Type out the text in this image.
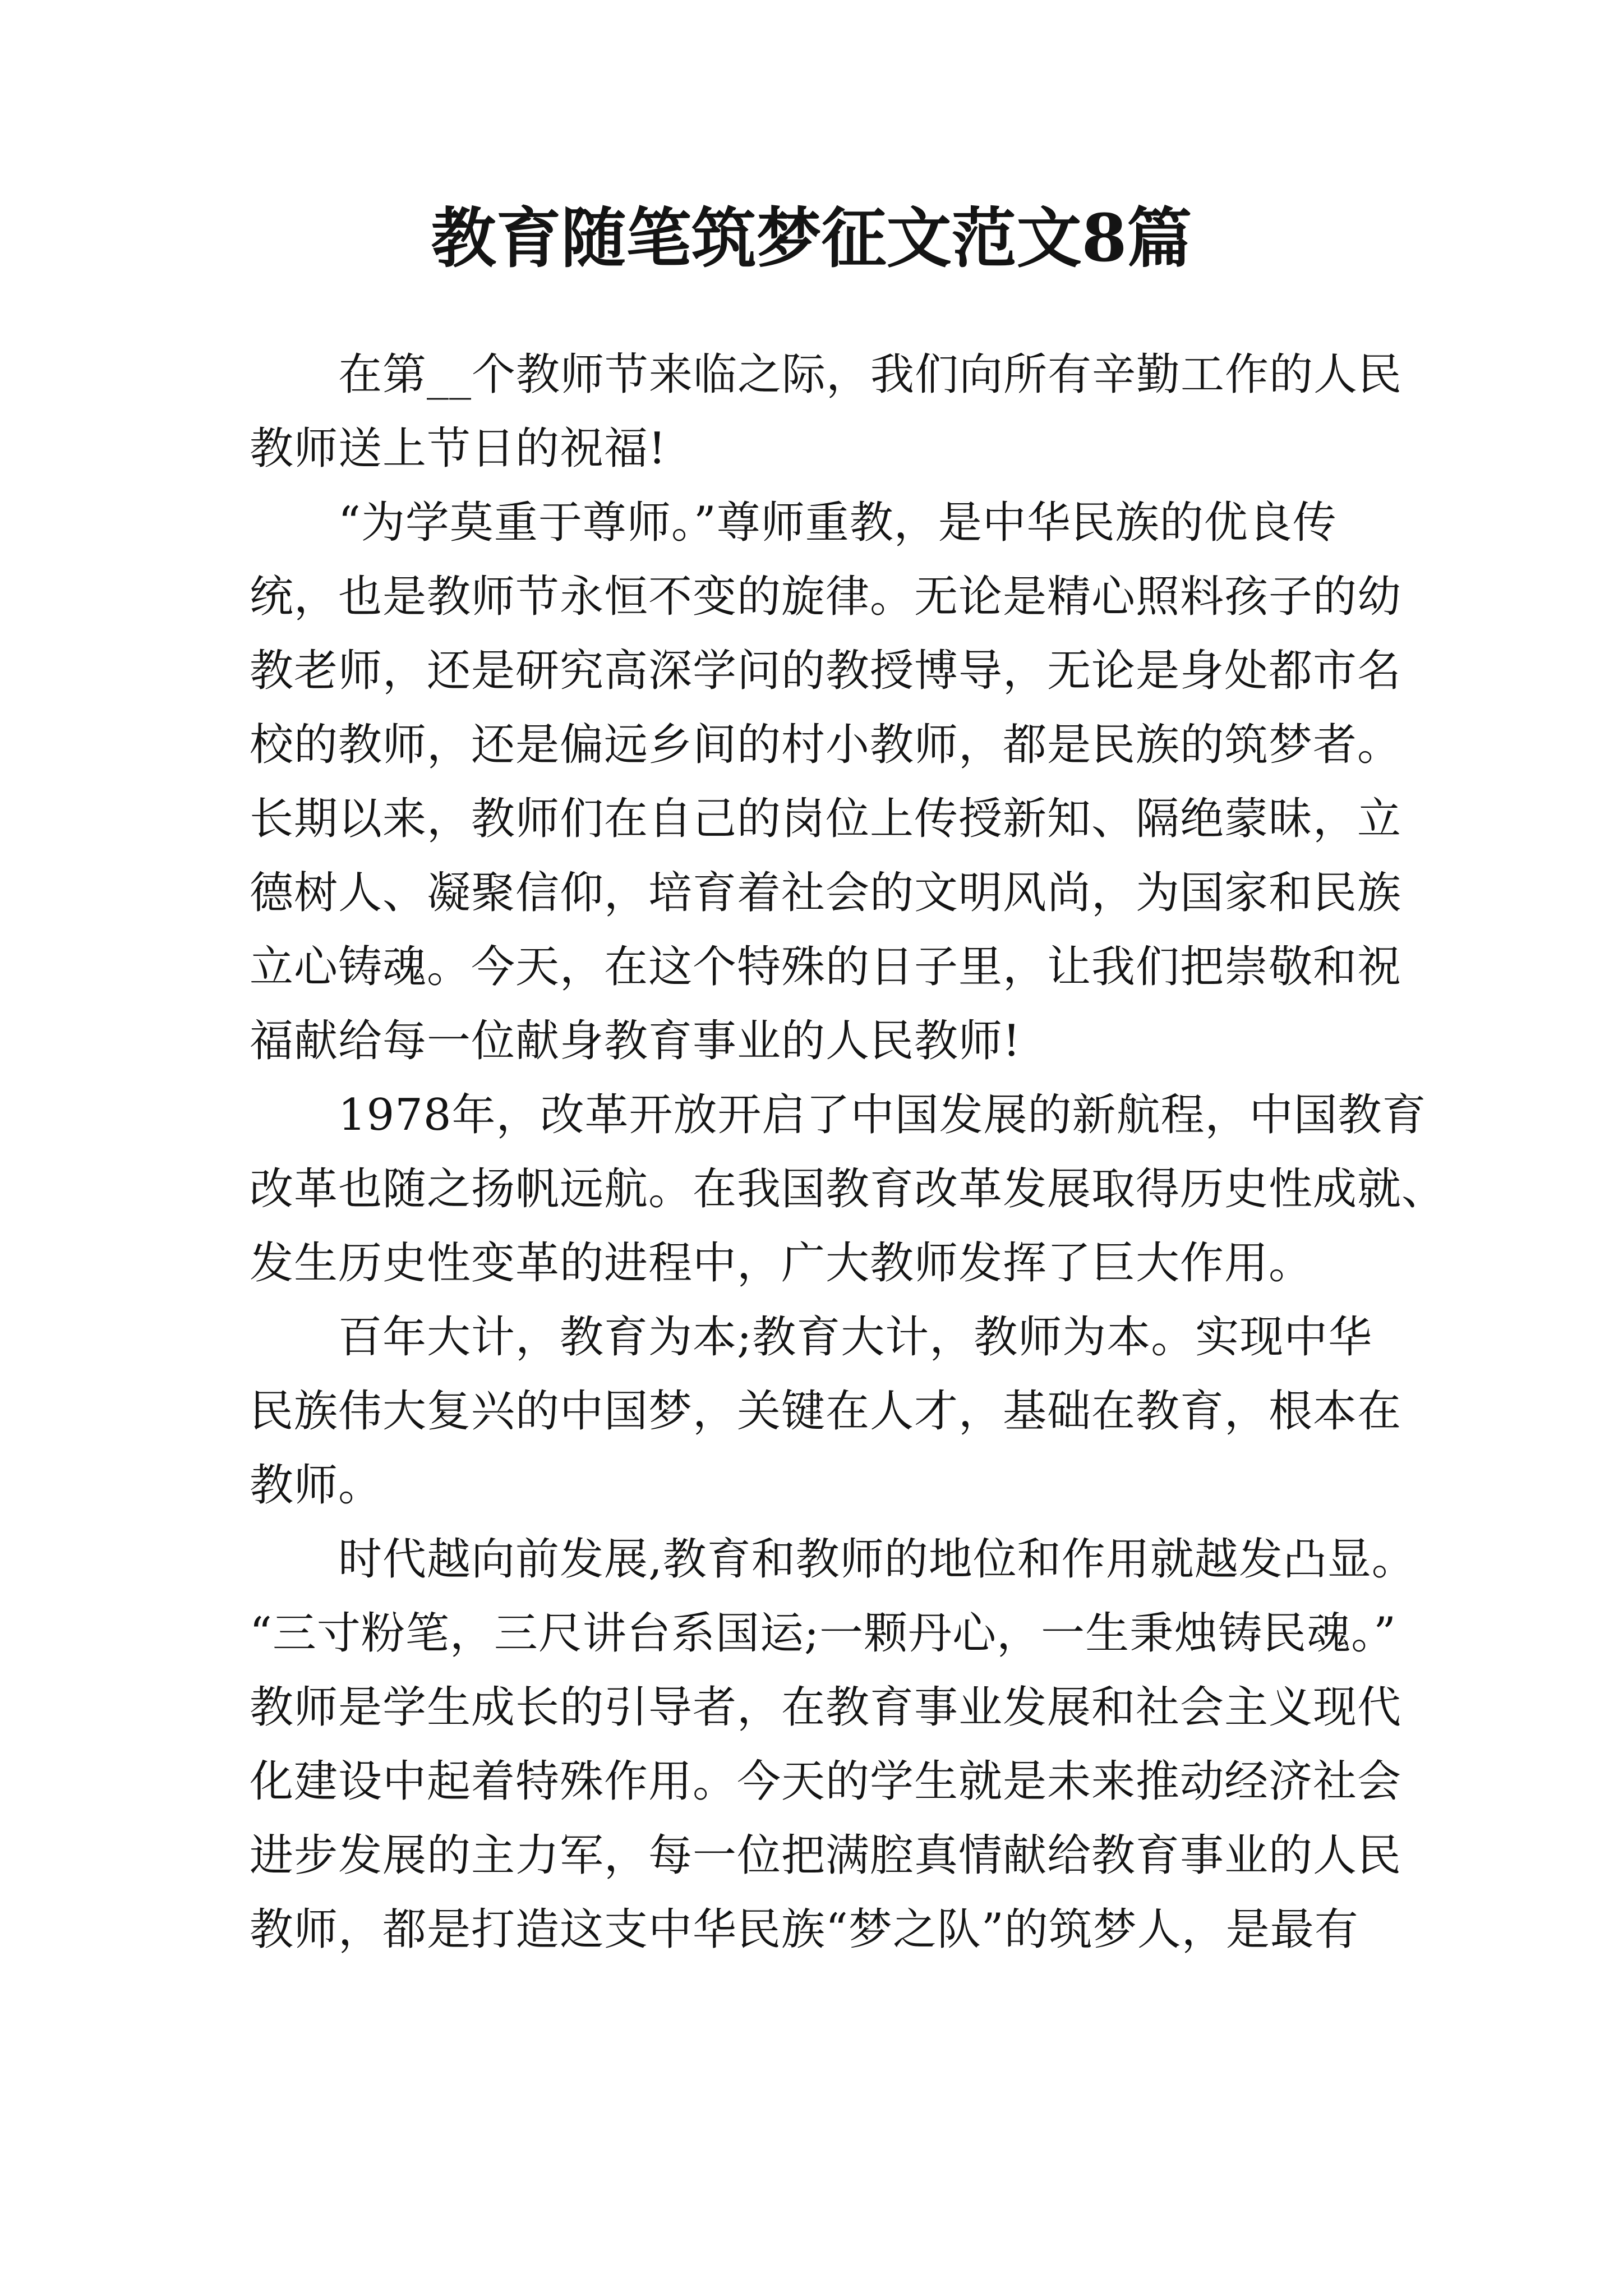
教育随笔筑梦征文范文8篇

在第__个教师节来临之际，我们向所有辛勤工作的人民
教师送上节日的祝福!

“为学莫重于尊师。”尊师重教，是中华民族的优良传
统，也是教师节永恒不变的旋律。无论是精心照料孩子的幼
教老师，还是研究高深学问的教授博导，无论是身处都市名
校的教师，还是偏远乡间的村小教师，都是民族的筑梦者。
长期以来，教师们在自己的岗位上传授新知、隔绝蒙昧，立
德树人、凝聚信仰，培育着社会的文明风尚，为国家和民族
立心铸魂。今天，在这个特殊的日子里，让我们把崇敬和祝
福献给每一位献身教育事业的人民教师!

1978年，改革开放开启了中国发展的新航程，中国教育
改革也随之扬帆远航。在我国教育改革发展取得历史性成就、
发生历史性变革的进程中，广大教师发挥了巨大作用。

百年大计，教育为本;教育大计，教师为本。实现中华
民族伟大复兴的中国梦，关键在人才，基础在教育，根本在
教师。

时代越向前发展,教育和教师的地位和作用就越发凸显。
“三寸粉笔，三尺讲台系国运;一颗丹心，一生秉烛铸民魂。”
教师是学生成长的引导者，在教育事业发展和社会主义现代
化建设中起着特殊作用。今天的学生就是未来推动经济社会
进步发展的主力军，每一位把满腔真情献给教育事业的人民
教师，都是打造这支中华民族“梦之队”的筑梦人，是最有
